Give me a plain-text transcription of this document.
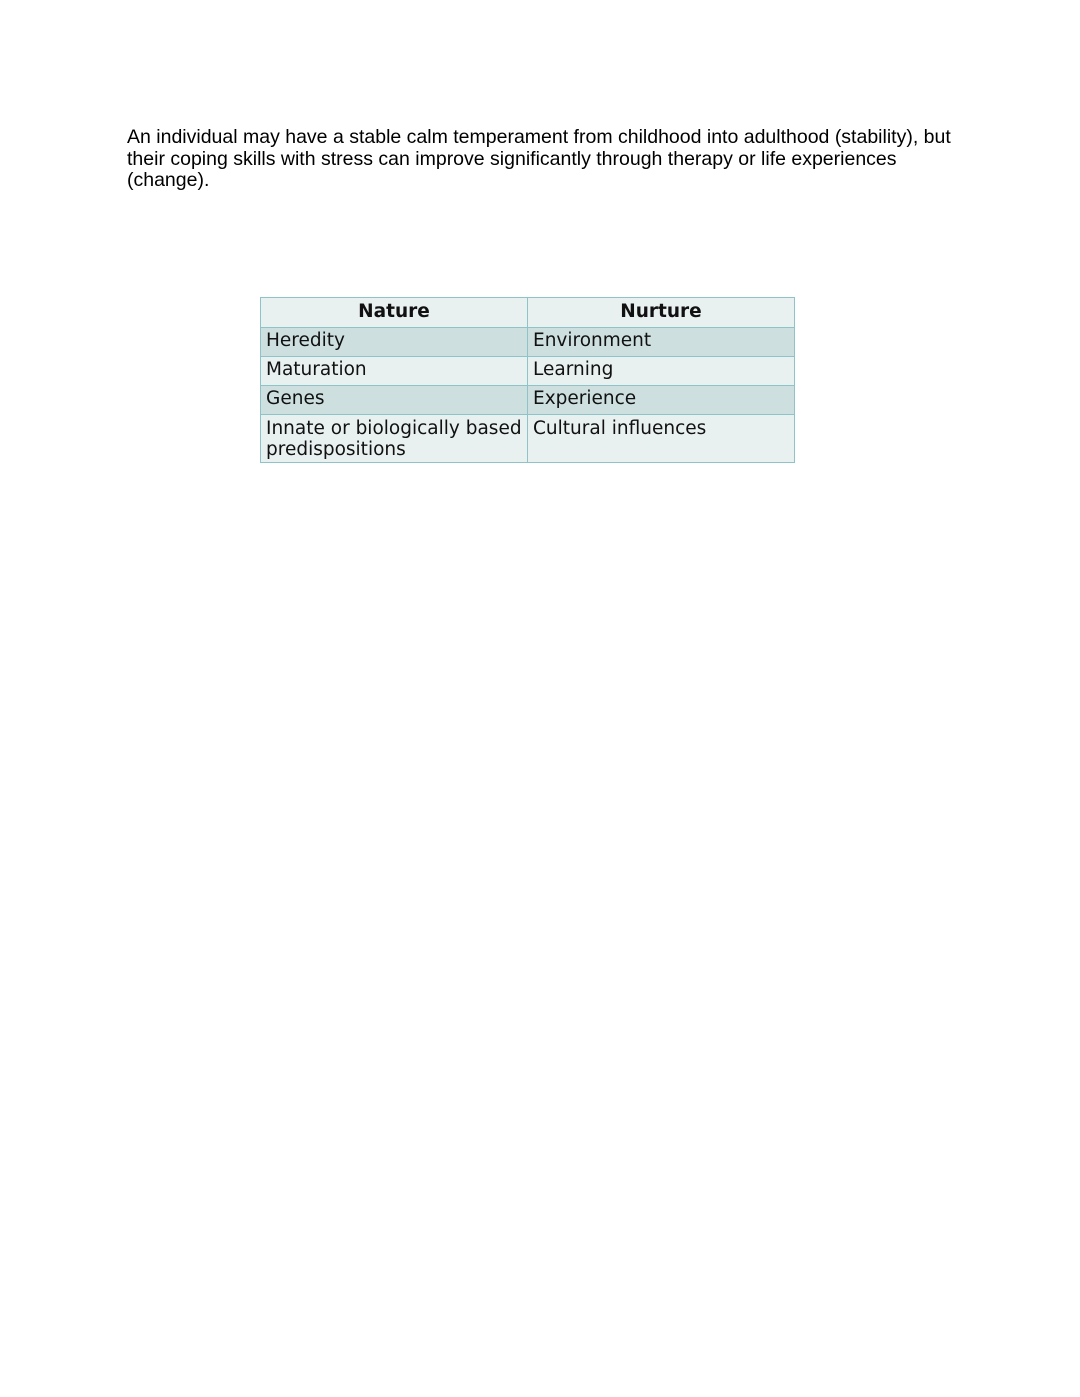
An individual may have a stable calm temperament from childhood into adulthood (stability), but their coping skills with stress can improve significantly through therapy or life experiences (change).

Nature	Nurture
Heredity	Environment
Maturation	Learning
Genes	Experience
Innate or biologically based predispositions	Cultural influences
